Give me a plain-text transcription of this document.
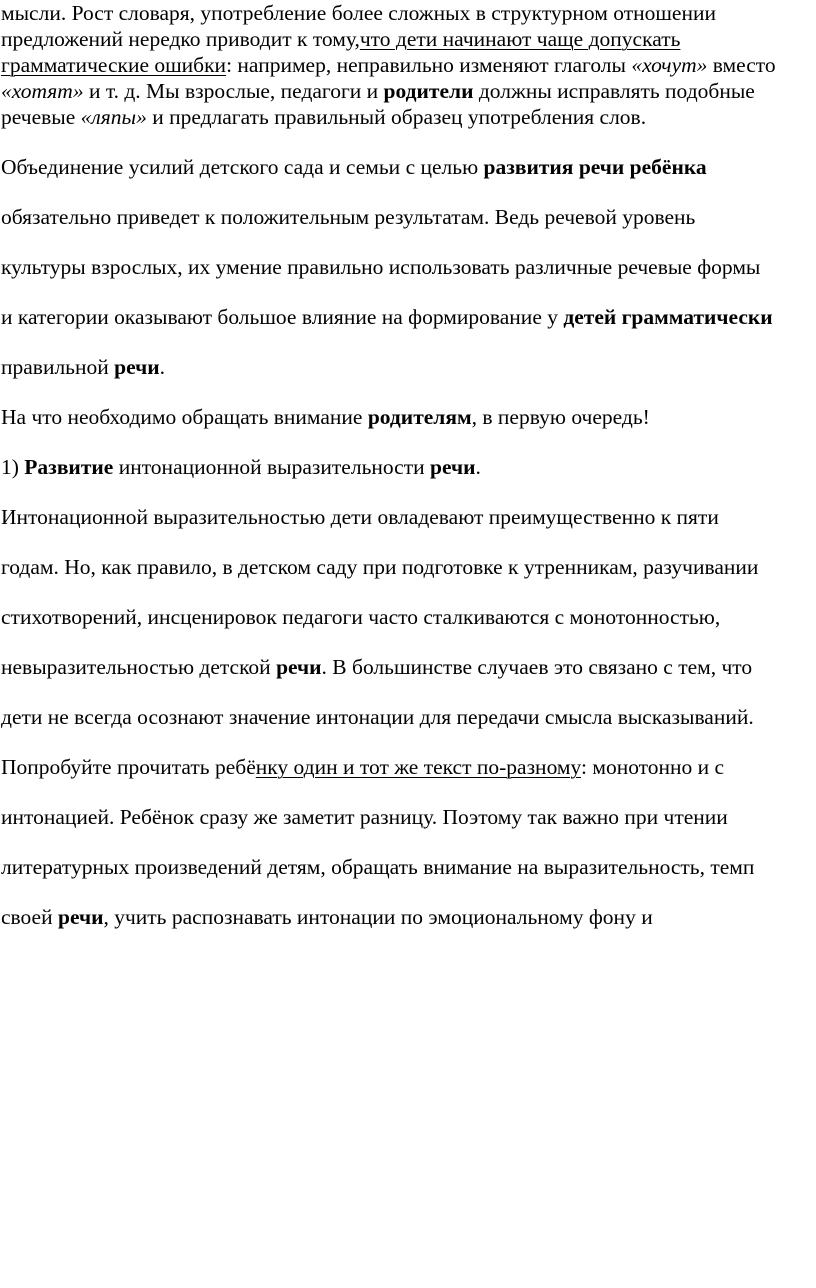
мысли. Рост словаря, употребление более сложных в структурном отношении предложений нередко приводит к тому,что дети начинают чаще допускать грамматические ошибки: например, неправильно изменяют глаголы «хочут» вместо «хотят» и т. д. Мы взрослые, педагоги и родители должны исправлять подобные речевые «ляпы» и предлагать правильный образец употребления слов.

Объединение усилий детского сада и семьи с целью развития речи ребёнка

обязательно приведет к положительным результатам. Ведь речевой уровень

культуры взрослых, их умение правильно использовать различные речевые формы

и категории оказывают большое влияние на формирование у детей грамматически

правильной речи.

На что необходимо обращать внимание родителям, в первую очередь!

1) Развитие интонационной выразительности речи.

Интонационной выразительностью дети овладевают преимущественно к пяти

годам. Но, как правило, в детском саду при подготовке к утренникам, разучивании

стихотворений, инсценировок педагоги часто сталкиваются с монотонностью,

невыразительностью детской речи. В большинстве случаев это связано с тем, что

дети не всегда осознают значение интонации для передачи смысла высказываний.

Попробуйте прочитать ребёнку один и тот же текст по-разному: монотонно и с

интонацией. Ребёнок сразу же заметит разницу. Поэтому так важно при чтении

литературных произведений детям, обращать внимание на выразительность, темп

своей речи, учить распознавать интонации по эмоциональному фону и
